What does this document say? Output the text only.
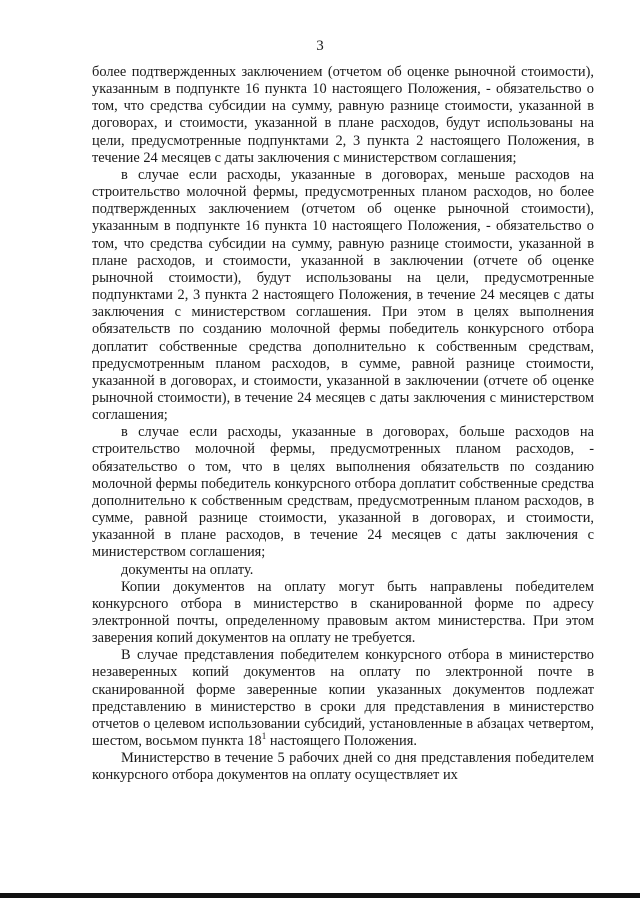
3

более подтвержденных заключением (отчетом об оценке рыночной стоимости), указанным в подпункте 16 пункта 10 настоящего Положения, - обязательство о том, что средства субсидии на сумму, равную разнице стоимости, указанной в договорах, и стоимости, указанной в плане расходов, будут использованы на цели, предусмотренные подпунктами 2, 3 пункта 2 настоящего Положения, в течение 24 месяцев с даты заключения с министерством соглашения;

в случае если расходы, указанные в договорах, меньше расходов на строительство молочной фермы, предусмотренных планом расходов, но более подтвержденных заключением (отчетом об оценке рыночной стоимости), указанным в подпункте 16 пункта 10 настоящего Положения, - обязательство о том, что средства субсидии на сумму, равную разнице стоимости, указанной в плане расходов, и стоимости, указанной в заключении (отчете об оценке рыночной стоимости), будут использованы на цели, предусмотренные подпунктами 2, 3 пункта 2 настоящего Положения, в течение 24 месяцев с даты заключения с министерством соглашения. При этом в целях выполнения обязательств по созданию молочной фермы победитель конкурсного отбора доплатит собственные средства дополнительно к собственным средствам, предусмотренным планом расходов, в сумме, равной разнице стоимости, указанной в договорах, и стоимости, указанной в заключении (отчете об оценке рыночной стоимости), в течение 24 месяцев с даты заключения с министерством соглашения;

в случае если расходы, указанные в договорах, больше расходов на строительство молочной фермы, предусмотренных планом расходов, - обязательство о том, что в целях выполнения обязательств по созданию молочной фермы победитель конкурсного отбора доплатит собственные средства дополнительно к собственным средствам, предусмотренным планом расходов, в сумме, равной разнице стоимости, указанной в договорах, и стоимости, указанной в плане расходов, в течение 24 месяцев с даты заключения с министерством соглашения;

документы на оплату.

Копии документов на оплату могут быть направлены победителем конкурсного отбора в министерство в сканированной форме по адресу электронной почты, определенному правовым актом министерства. При этом заверения копий документов на оплату не требуется.

В случае представления победителем конкурсного отбора в министерство незаверенных копий документов на оплату по электронной почте в сканированной форме заверенные копии указанных документов подлежат представлению в министерство в сроки для представления в министерство отчетов о целевом использовании субсидий, установленные в абзацах четвертом, шестом, восьмом пункта $18^1$ настоящего Положения.

Министерство в течение 5 рабочих дней со дня представления победителем конкурсного отбора документов на оплату осуществляет их
